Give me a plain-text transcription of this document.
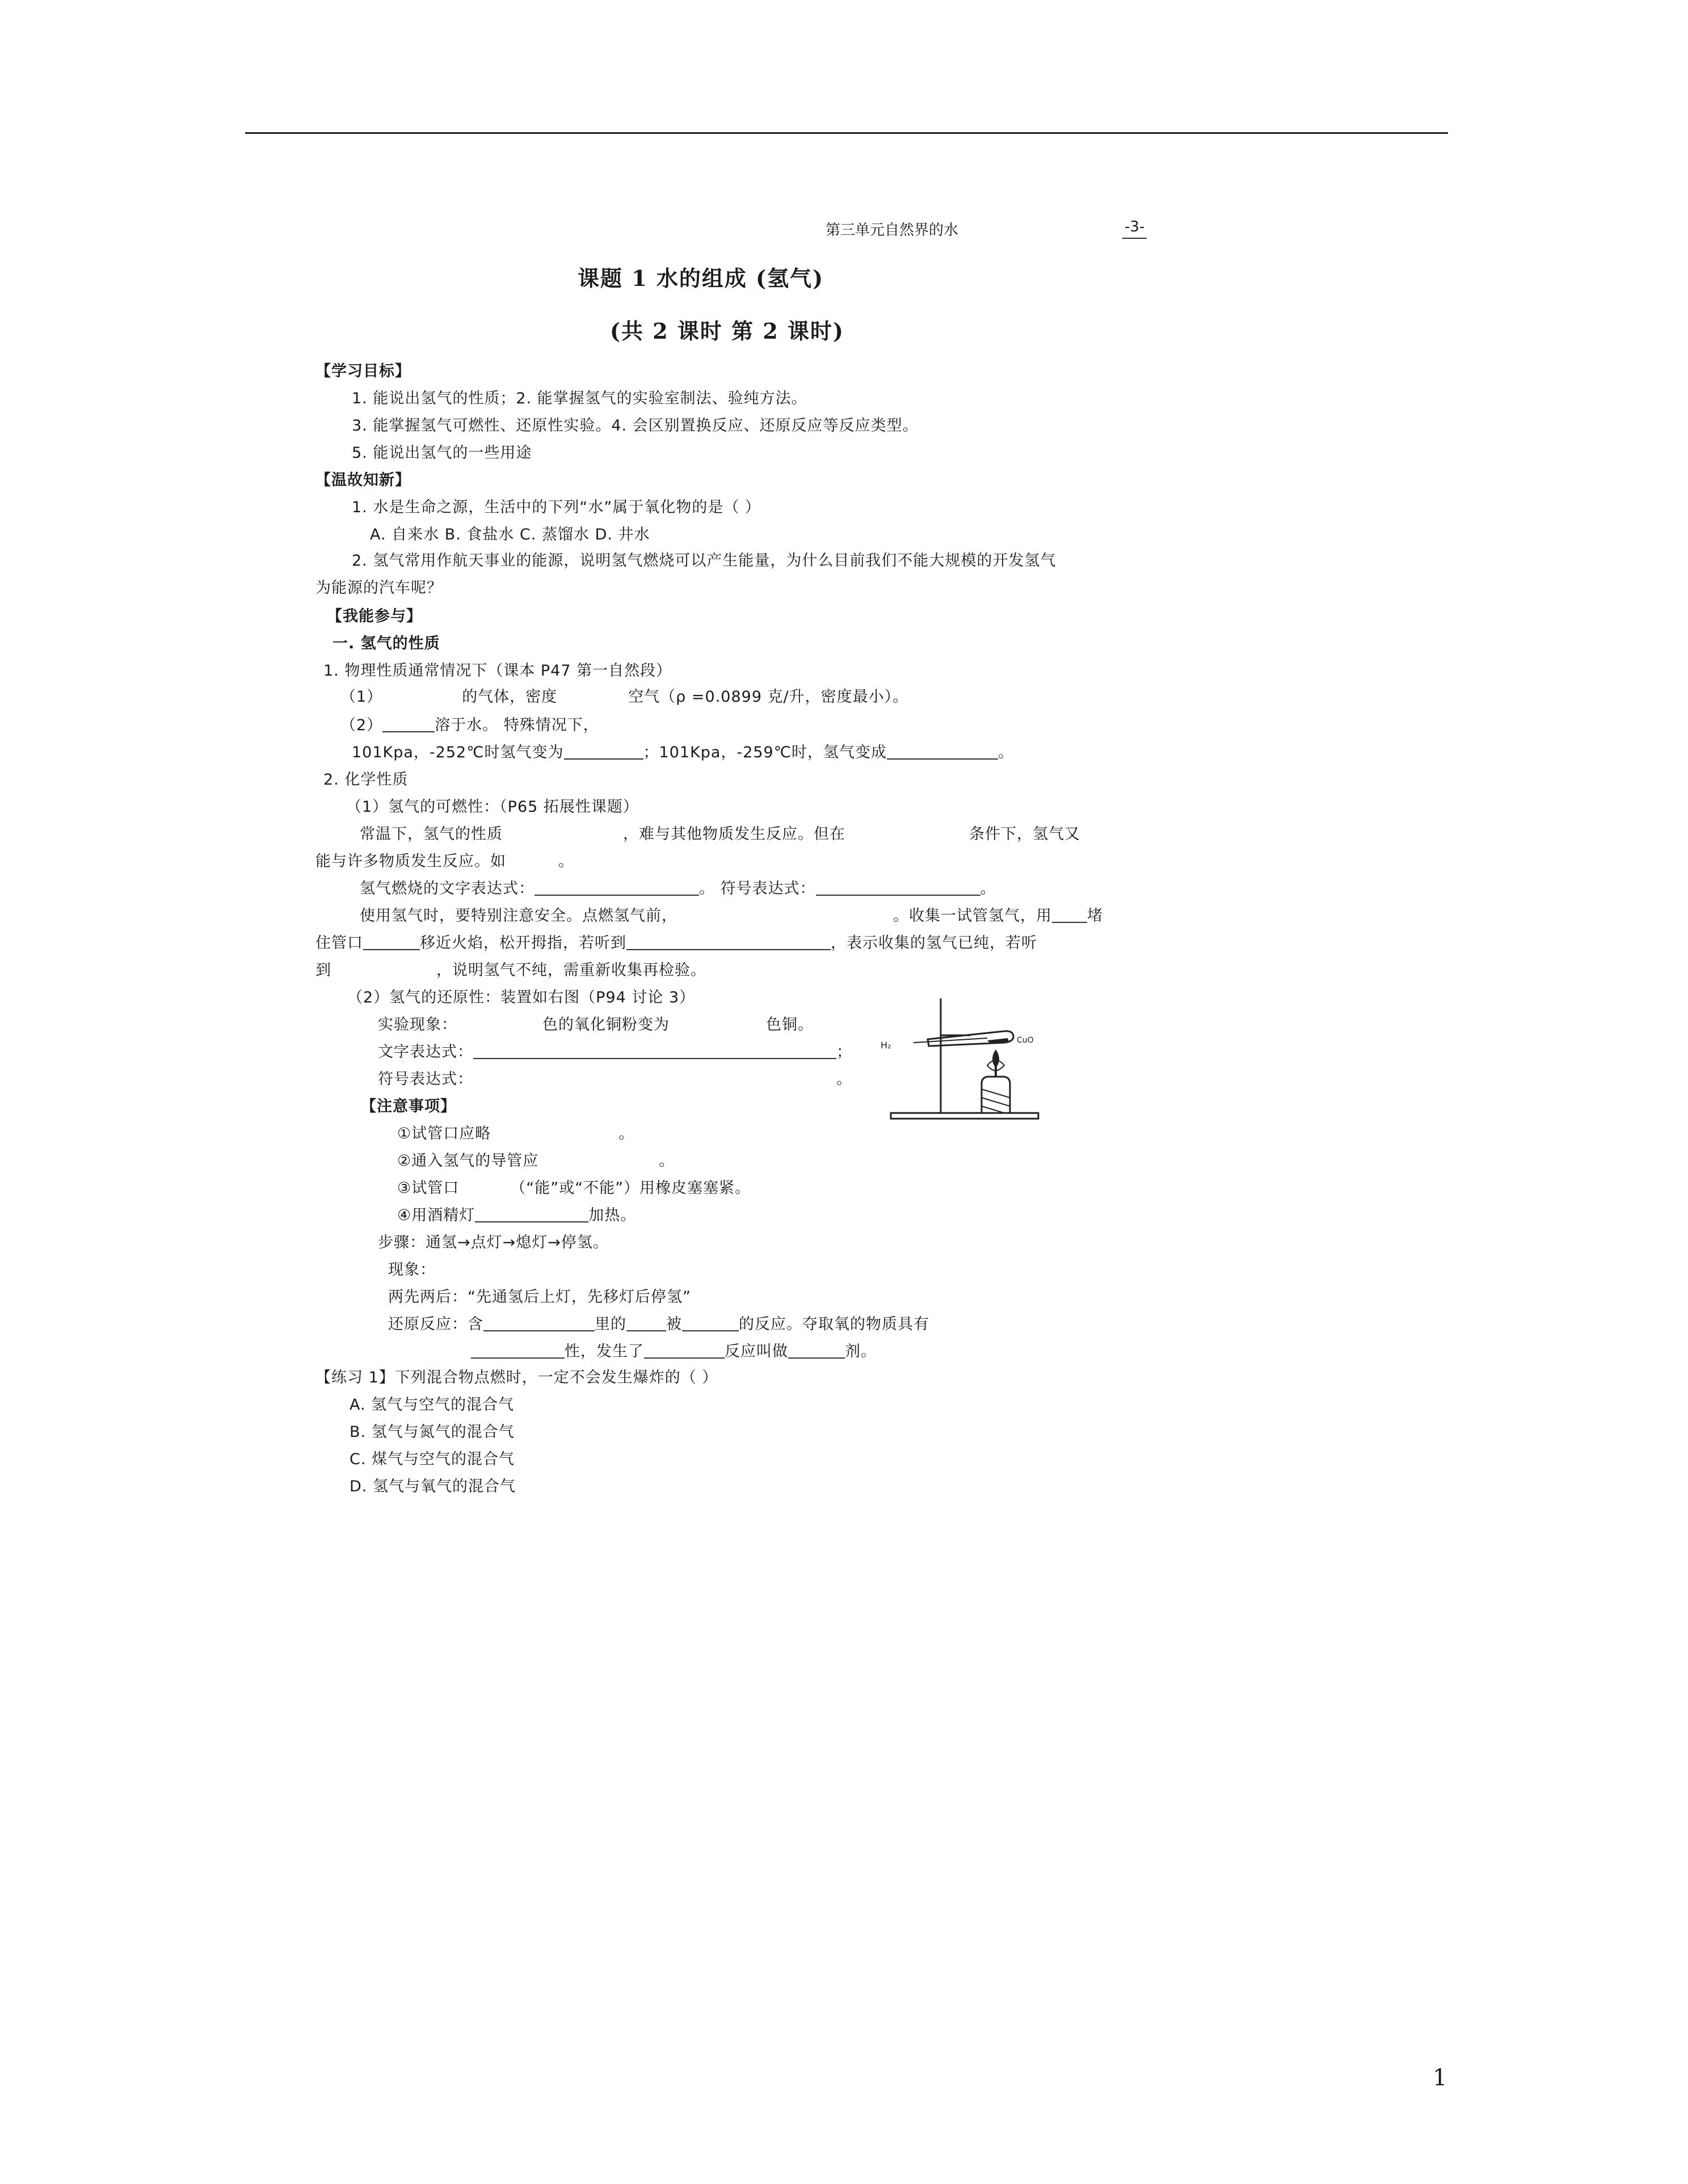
第三单元自然界的水	-3-
课题 1 水的组成 (氢气)
(共 2 课时 第 2 课时)
【学习目标】
1. 能说出氢气的性质；2. 能掌握氢气的实验室制法、验纯方法。
3. 能掌握氢气可燃性、还原性实验。4. 会区别置换反应、还原反应等反应类型。
5. 能说出氢气的一些用途
【温故知新】
1. 水是生命之源，生活中的下列“水”属于氧化物的是（ ）
A. 自来水 B. 食盐水 C. 蒸馏水 D. 井水
2. 氢气常用作航天事业的能源，说明氢气燃烧可以产生能量，为什么目前我们不能大规模的开发氢气
为能源的汽车呢？
【我能参与】
一. 氢气的性质
1. 物理性质通常情况下（课本 P47 第一自然段）
（1）	的气体，密度	空气（ρ =0.0899 克/升，密度最小）。
（2）	溶于水。 特殊情况下，
101Kpa，-252℃时氢气变为	；101Kpa，-259℃时，氢气变成	。
2. 化学性质
（1）氢气的可燃性：（P65 拓展性课题）
常温下，氢气的性质	，难与其他物质发生反应。但在	条件下，氢气又
能与许多物质发生反应。如	。
氢气燃烧的文字表达式：	。 符号表达式：	。
使用氢气时，要特别注意安全。点燃氢气前，	。收集一试管氢气，用 堵
住管口	移近火焰，松开拇指，若听到	，表示收集的氢气已纯，若听
到	，说明氢气不纯，需重新收集再检验。
（2）氢气的还原性：装置如右图（P94 讨论 3）
实验现象：	色的氧化铜粉变为	色铜。
文字表达式：	；
符号表达式：	。
【注意事项】
①试管口应略	。
②通入氢气的导管应	。
③试管口	（“能”或“不能”）用橡皮塞塞紧。
④用酒精灯	加热。
步骤：通氢→点灯→熄灯→停氢。
现象：
两先两后：“先通氢后上灯，先移灯后停氢”
还原反应：含	里的	被	的反应。夺取氧的物质具有
性，发生了	反应叫做	剂。
【练习 1】下列混合物点燃时，一定不会发生爆炸的（ ）
A. 氢气与空气的混合气
B. 氢气与氮气的混合气
C. 煤气与空气的混合气
D. 氢气与氧气的混合气
H₂	CuO
1
